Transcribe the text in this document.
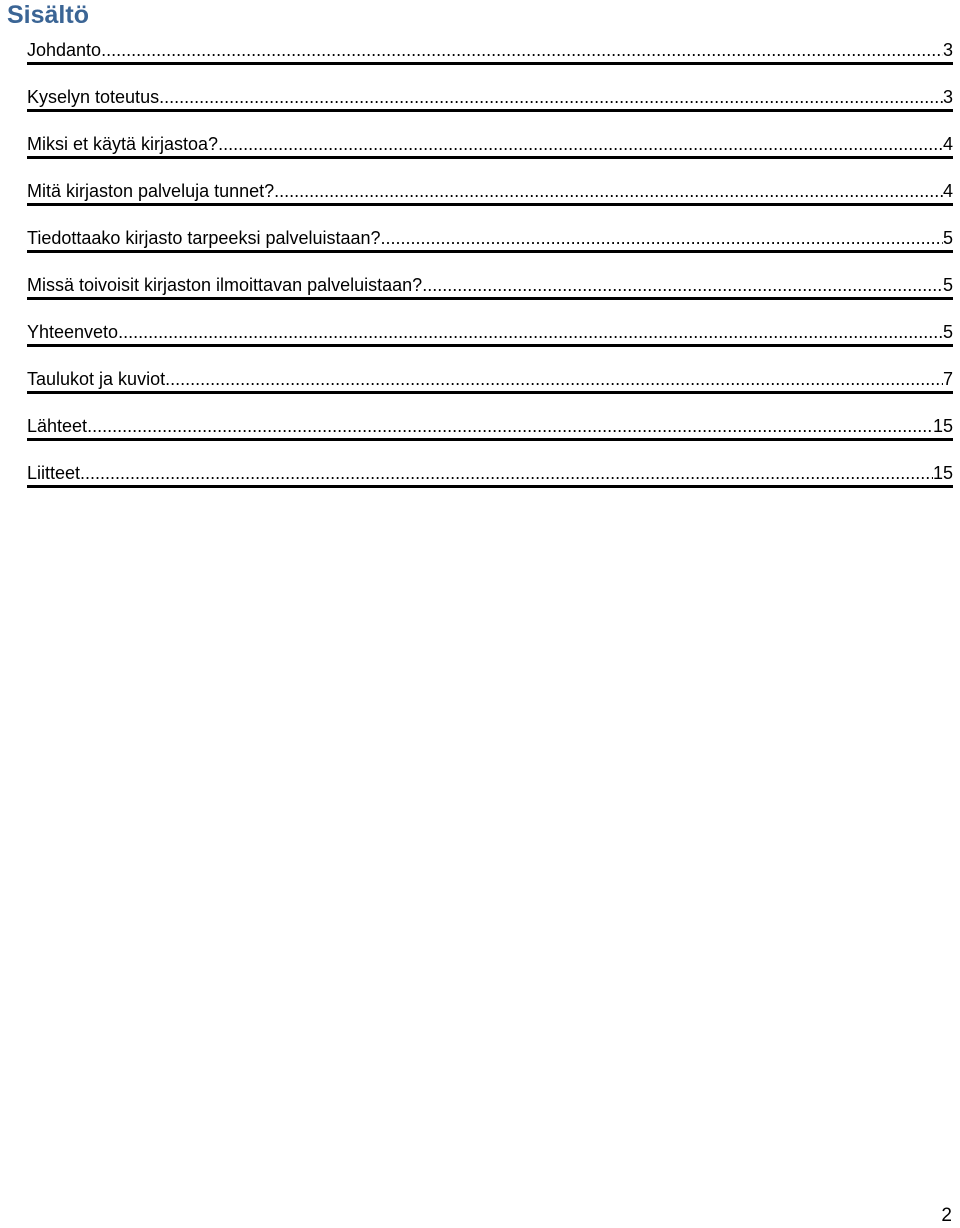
Sisältö
Johdanto .....	3
Kyselyn toteutus .....	3
Miksi et käytä kirjastoa? .....	4
Mitä kirjaston palveluja tunnet? .....	4
Tiedottaako kirjasto tarpeeksi palveluistaan? .....	5
Missä toivoisit kirjaston ilmoittavan palveluistaan? .....	5
Yhteenveto .....	5
Taulukot ja kuviot .....	7
Lähteet .....	15
Liitteet .....	15
2
